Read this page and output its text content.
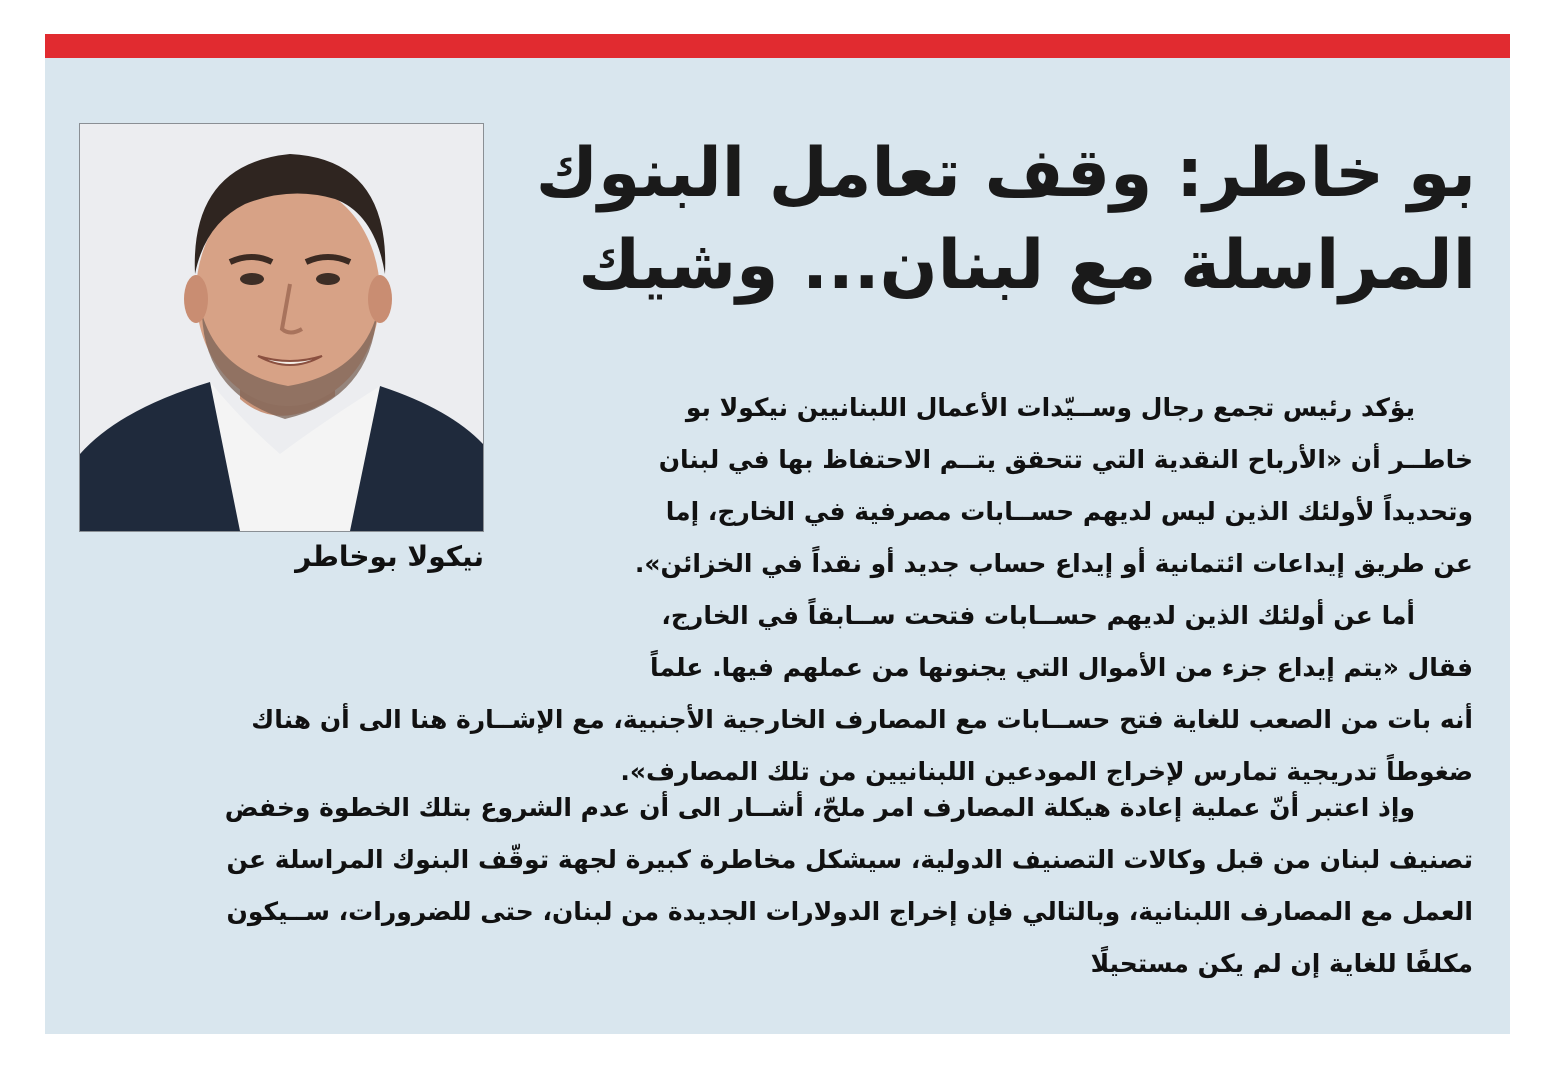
نيكولا بوخاطر
بو خاطر: وقف تعامل البنوك
المراسلة مع لبنان... وشيك
يؤكد رئيس تجمع رجال وســيّدات الأعمال اللبنانيين نيكولا بو
خاطــر أن «الأرباح النقدية التي تتحقق يتــم الاحتفاظ بها في لبنان
وتحديداً لأولئك الذين ليس لديهم حســابات مصرفية في الخارج، إما
عن طريق إيداعات ائتمانية أو إيداع حساب جديد أو نقداً في الخزائن».
أما عن أولئك الذين لديهم حســابات فتحت ســابقاً في الخارج،
فقال «يتم إيداع جزء من الأموال التي يجنونها من عملهم فيها. علماً
أنه بات من الصعب للغاية فتح حســابات مع المصارف الخارجية الأجنبية، مع الإشــارة هنا الى أن هناك
ضغوطاً تدريجية تمارس لإخراج المودعين اللبنانيين من تلك المصارف».
وإذ اعتبر أنّ عملية إعادة هيكلة المصارف امر ملحّ، أشــار الى أن عدم الشروع بتلك الخطوة وخفض
تصنيف لبنان من قبل وكالات التصنيف الدولية، سيشكل مخاطرة كبيرة لجهة توقّف البنوك المراسلة عن
العمل مع المصارف اللبنانية، وبالتالي فإن إخراج الدولارات الجديدة من لبنان، حتى للضرورات، ســيكون
مكلفًا للغاية إن لم يكن مستحيلًا
